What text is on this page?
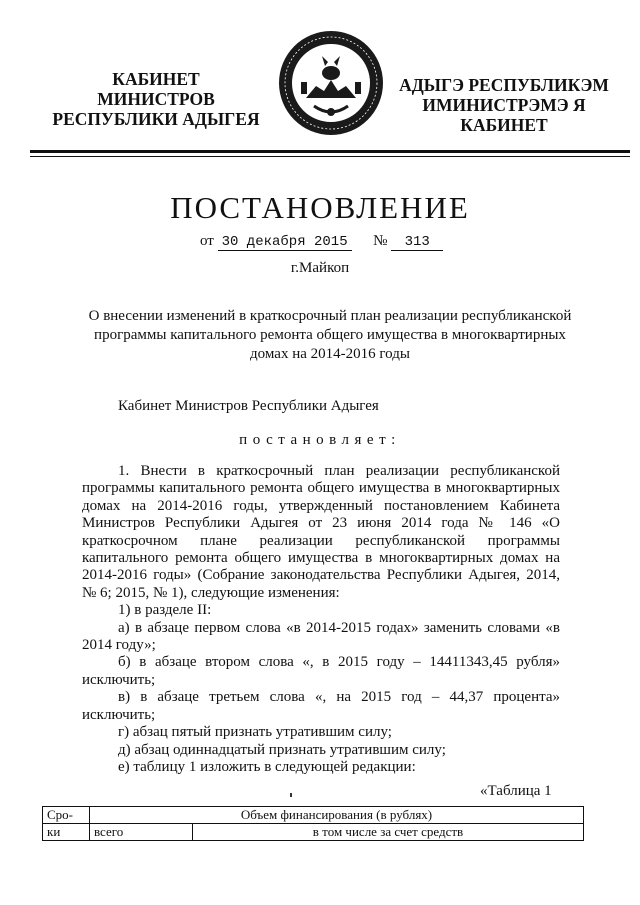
КАБИНЕТ МИНИСТРОВ
РЕСПУБЛИКИ АДЫГЕЯ
АДЫГЭ РЕСПУБЛИКЭМ
ИМИНИСТРЭМЭ Я КАБИНЕТ
ПОСТАНОВЛЕНИЕ
от 30 декабря 2015 № 313
г.Майкоп
О внесении изменений в краткосрочный план реализации республиканской программы капитального ремонта общего имущества в многоквартирных домах на 2014-2016 годы
Кабинет Министров Республики Адыгея
постановляет:

1. Внести в краткосрочный план реализации республиканской программы капитального ремонта общего имущества в многоквартирных домах на 2014-2016 годы, утвержденный постановлением Кабинета Министров Республики Адыгея от 23 июня 2014 года № 146 «О краткосрочном плане реализации республиканской программы капитального ремонта общего имущества в многоквартирных домах на 2014-2016 годы» (Собрание законодательства Республики Адыгея, 2014, № 6; 2015, № 1), следующие изменения:

1) в разделе II:

а) в абзаце первом слова «в 2014-2015 годах» заменить словами «в 2014 году»;

б) в абзаце втором слова «, в 2015 году – 14411343,45 рубля» исключить;

в) в абзаце третьем слова «, на 2015 год – 44,37 процента» исключить;

г) абзац пятый признать утратившим силу;

д) абзац одиннадцатый признать утратившим силу;

е) таблицу 1 изложить в следующей редакции:

«Таблица 1
Сро-	Объем финансирования (в рублях)	
ки	всего	в том числе за счет средств
